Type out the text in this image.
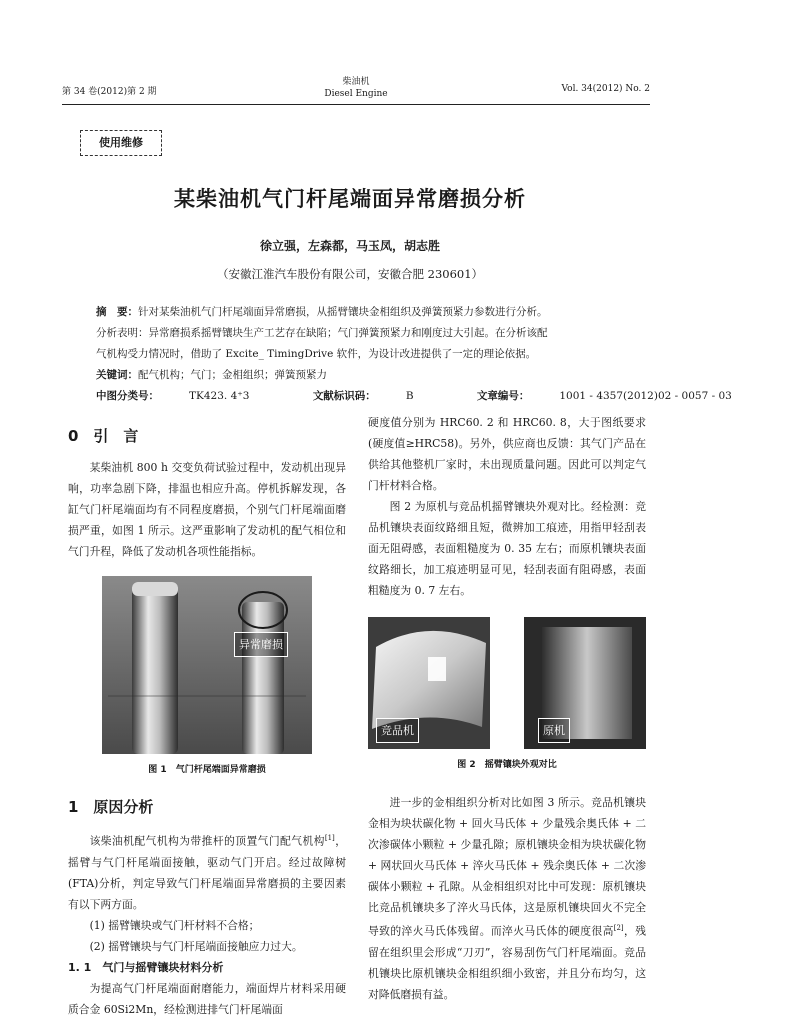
第 34 卷(2012)第 2 期
柴油机
Diesel Engine	Vol. 34(2012) No. 2
使用维修
某柴油机气门杆尾端面异常磨损分析
徐立强，左森都，马玉凤，胡志胜
（安徽江淮汽车股份有限公司，安徽合肥 230601）
摘　要：针对某柴油机气门杆尾端面异常磨损，从摇臂镶块金相组织及弹簧预紧力参数进行分析。
分析表明：异常磨损系摇臂镶块生产工艺存在缺陷；气门弹簧预紧力和刚度过大引起。在分析该配
气机构受力情况时，借助了 Excite_ TimingDrive 软件，为设计改进提供了一定的理论依据。
关键词：配气机构；气门；金相组织；弹簧预紧力
中图分类号：	TK423. 4⁺3	文献标识码：	B	文章编号：	1001 - 4357(2012)02 - 0057 - 03
0　引　言

某柴油机 800 h 交变负荷试验过程中，发动机出现异响，功率急剧下降，排温也相应升高。停机拆解发现，各缸气门杆尾端面均有不同程度磨损，个别气门杆尾端面磨损严重，如图 1 所示。这严重影响了发动机的配气相位和气门升程，降低了发动机各项性能指标。

异常磨损
图 1　气门杆尾端面异常磨损
1　原因分析

该柴油机配气机构为带推杆的顶置气门配气机构[1]，摇臂与气门杆尾端面接触，驱动气门开启。经过故障树(FTA)分析，判定导致气门杆尾端面异常磨损的主要因素有以下两方面。

(1) 摇臂镶块或气门杆材料不合格；
(2) 摇臂镶块与气门杆尾端面接触应力过大。
1. 1　气门与摇臂镶块材料分析

为提高气门杆尾端面耐磨能力，端面焊片材料采用硬质合金 60Si2Mn，经检测进排气门杆尾端面

硬度值分别为 HRC60. 2 和 HRC60. 8，大于图纸要求(硬度值≥HRC58)。另外，供应商也反馈：其气门产品在供给其他整机厂家时，未出现质量问题。因此可以判定气门杆材料合格。

图 2 为原机与竞品机摇臂镶块外观对比。经检测：竞品机镶块表面纹路细且短，微辨加工痕迹，用指甲轻刮表面无阻碍感，表面粗糙度为 0. 35 左右；而原机镶块表面纹路细长，加工痕迹明显可见，轻刮表面有阻碍感，表面粗糙度为 0. 7 左右。

竞品机	原机
图 2　摇臂镶块外观对比

进一步的金相组织分析对比如图 3 所示。竞品机镶块金相为块状碳化物 + 回火马氏体 + 少量残余奥氏体 + 二次渗碳体小颗粒 + 少量孔隙；原机镶块金相为块状碳化物 + 网状回火马氏体 + 淬火马氏体 + 残余奥氏体 + 二次渗碳体小颗粒 + 孔隙。从金相组织对比中可发现：原机镶块比竞品机镶块多了淬火马氏体，这是原机镶块回火不完全导致的淬火马氏体残留。而淬火马氏体的硬度很高[2]，残留在组织里会形成“刀刃”，容易刮伤气门杆尾端面。竞品机镶块比原机镶块金相组织细小致密，并且分布均匀，这对降低磨损有益。
